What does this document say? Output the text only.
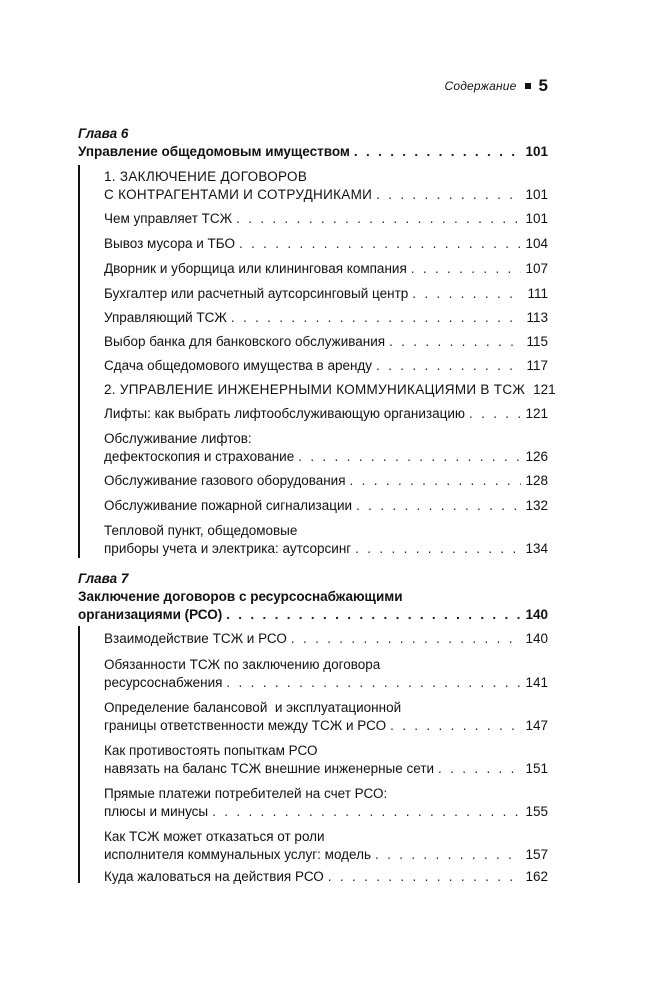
Содержание 5
Глава 6
Управление общедомовым имуществом . . .	101
1. ЗАКЛЮЧЕНИЕ ДОГОВОРОВ
С КОНТРАГЕНТАМИ И СОТРУДНИКАМИ . . .	101
Чем управляет ТСЖ . . .	101
Вывоз мусора и ТБО . . .	104
Дворник и уборщица или клининговая компания . . .	107
Бухгалтер или расчетный аутсорсинговый центр . . .	111
Управляющий ТСЖ . . .	113
Выбор банка для банковского обслуживания . . .	115
Сдача общедомового имущества в аренду . . .	117
2. УПРАВЛЕНИЕ ИНЖЕНЕРНЫМИ КОММУНИКАЦИЯМИ В ТСЖ 121
Лифты: как выбрать лифтообслуживающую организацию . . .	121
Обслуживание лифтов:
дефектоскопия и страхование . . .	126
Обслуживание газового оборудования . . .	128
Обслуживание пожарной сигнализации . . .	132
Тепловой пункт, общедомовые
приборы учета и электрика: аутсорсинг . . .	134
Глава 7
Заключение договоров с ресурсоснабжающими
организациями (РСО) . . .	140
Взаимодействие ТСЖ и РСО . . .	140
Обязанности ТСЖ по заключению договора
ресурсоснабжения . . .	141
Определение балансовой  и эксплуатационной
границы ответственности между ТСЖ и РСО . . .	147
Как противостоять попыткам РСО
навязать на баланс ТСЖ внешние инженерные сети . . .	151
Прямые платежи потребителей на счет РСО:
плюсы и минусы . . .	155
Как ТСЖ может отказаться от роли
исполнителя коммунальных услуг: модель . . .	157
Куда жаловаться на действия РСО . . .	162
